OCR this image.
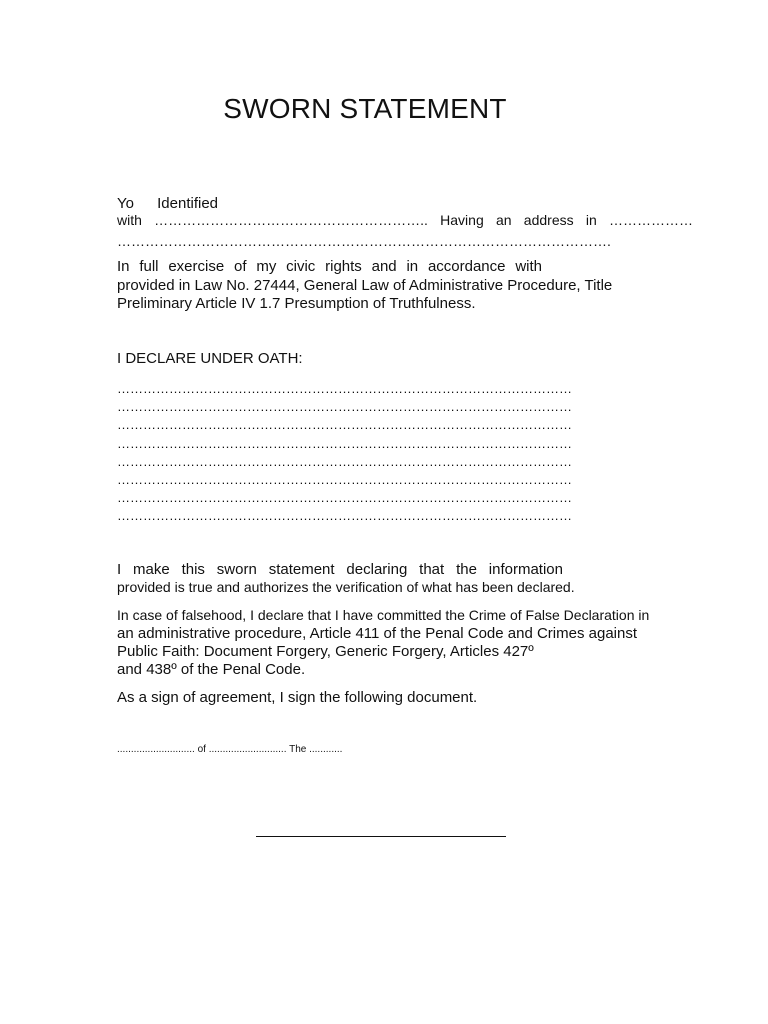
SWORN STATEMENT
Yo Identified
with ………………………………………………….. Having an address in ………………
…………………………………………………………………………………………….
In full exercise of my civic rights and in accordance with
provided in Law No. 27444, General Law of Administrative Procedure, Title
Preliminary Article IV 1.7 Presumption of Truthfulness.
I DECLARE UNDER OATH:
……………………………………………………………………………………………
……………………………………………………………………………………………
……………………………………………………………………………………………
……………………………………………………………………………………………
……………………………………………………………………………………………
……………………………………………………………………………………………
……………………………………………………………………………………………
……………………………………………………………………………………………
I make this sworn statement declaring that the information
provided is true and authorizes the verification of what has been declared.
In case of falsehood, I declare that I have committed the Crime of False Declaration in
an administrative procedure, Article 411 of the Penal Code and Crimes against
Public Faith: Document Forgery, Generic Forgery, Articles 427º
and 438º of the Penal Code.
As a sign of agreement, I sign the following document.
............................ of ............................ The ............
